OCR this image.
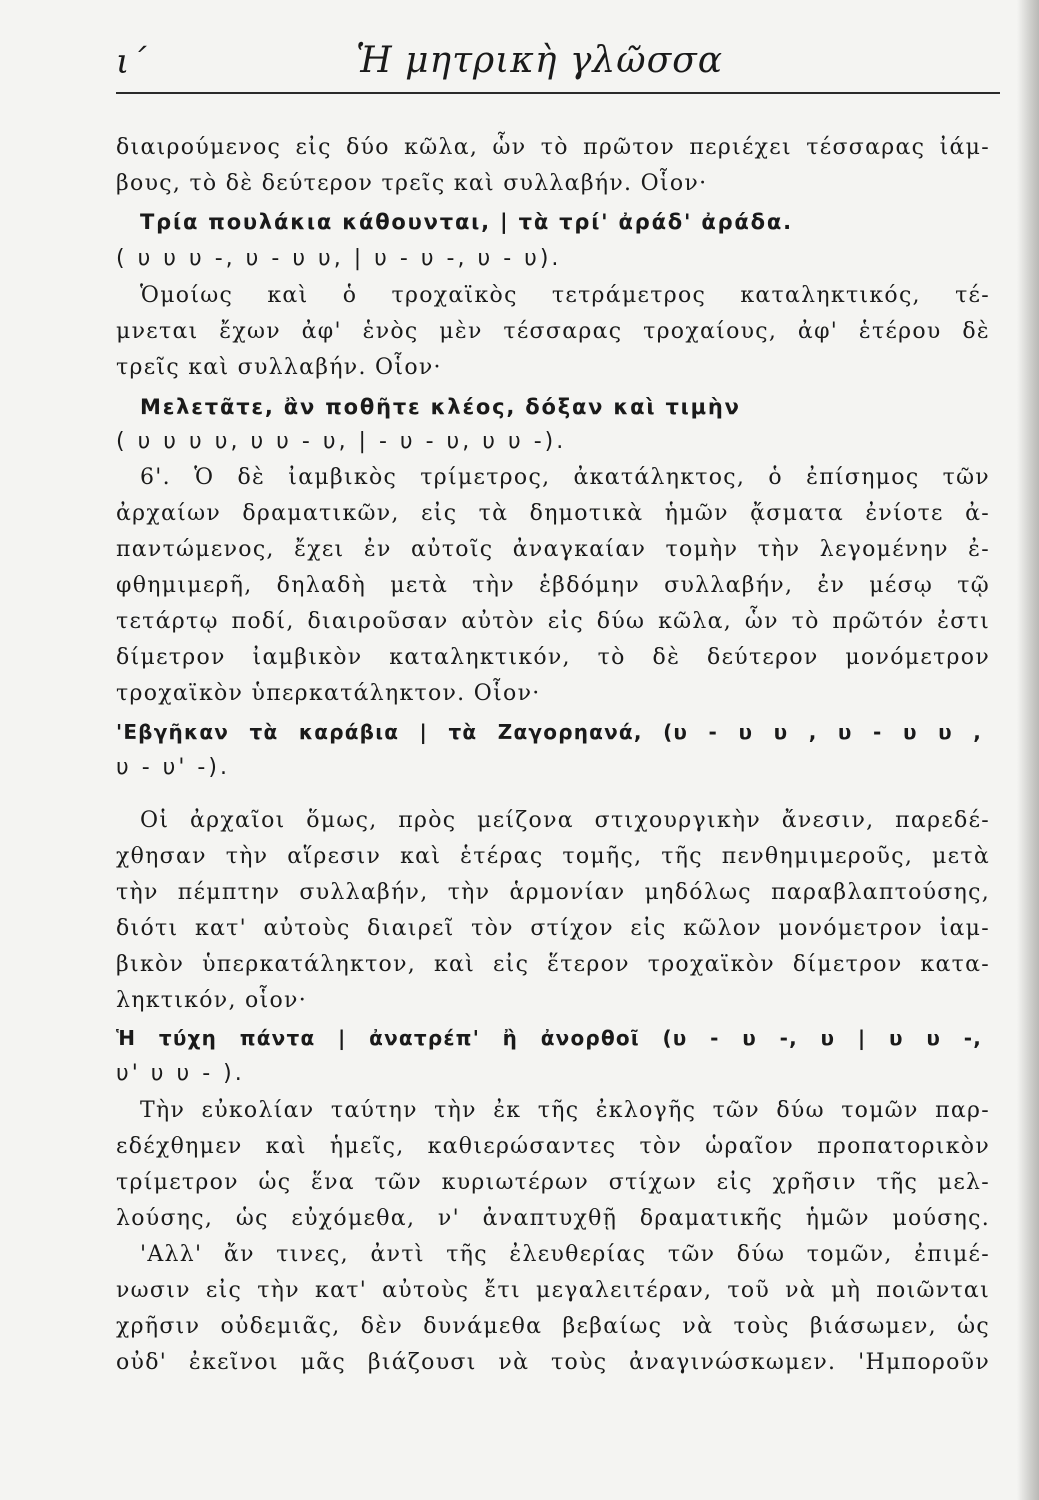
ι΄	Ἡ μητρικὴ γλῶσσα
διαιρούμενος εἰς δύο κῶλα, ὧν τὸ πρῶτον περιέχει τέσσαρας ἰάμ-
βους, τὸ δὲ δεύτερον τρεῖς καὶ συλλαβήν. Οἷον·
Τρία πουλάκια κάθουνται, | τὰ τρί' ἀράδ' ἀράδα.
( υ υ υ -, υ - υ υ, | υ - υ -, υ - υ).
Ὁμοίως καὶ ὁ τροχαϊκὸς τετράμετρος καταληκτικός, τέ-
μνεται ἔχων ἀφ' ἑνὸς μὲν τέσσαρας τροχαίους, ἀφ' ἑτέρου δὲ
τρεῖς καὶ συλλαβήν. Οἷον·
Μελετᾶτε, ἂν ποθῆτε κλέος, δόξαν καὶ τιμὴν
( υ υ υ υ, υ υ - υ, | - υ - υ, υ υ -).
6'. Ὁ δὲ ἰαμβικὸς τρίμετρος, ἀκατάληκτος, ὁ ἐπίσημος τῶν
ἀρχαίων δραματικῶν, εἰς τὰ δημοτικὰ ἡμῶν ᾄσματα ἐνίοτε ἀ-
παντώμενος, ἔχει ἐν αὐτοῖς ἀναγκαίαν τομὴν τὴν λεγομένην ἐ-
φθημιμερῆ, δηλαδὴ μετὰ τὴν ἑβδόμην συλλαβήν, ἐν μέσῳ τῷ
τετάρτῳ ποδί, διαιροῦσαν αὐτὸν εἰς δύω κῶλα, ὧν τὸ πρῶτόν ἐστι
δίμετρον ἰαμβικὸν καταληκτικόν, τὸ δὲ δεύτερον μονόμετρον
τροχαϊκὸν ὑπερκατάληκτον. Οἷον·
'Εβγῆκαν τὰ καράβια | τὰ Ζαγορηανά, (υ - υ υ , υ - υ υ ,
υ - υ' -).
Οἱ ἀρχαῖοι ὅμως, πρὸς μείζονα στιχουργικὴν ἄνεσιν, παρεδέ-
χθησαν τὴν αἵρεσιν καὶ ἑτέρας τομῆς, τῆς πενθημιμεροῦς, μετὰ
τὴν πέμπτην συλλαβήν, τὴν ἁρμονίαν μηδόλως παραβλαπτούσης,
διότι κατ' αὐτοὺς διαιρεῖ τὸν στίχον εἰς κῶλον μονόμετρον ἰαμ-
βικὸν ὑπερκατάληκτον, καὶ εἰς ἕτερον τροχαϊκὸν δίμετρον κατα-
ληκτικόν, οἷον·
Ἡ τύχη πάντα | ἀνατρέπ' ἢ ἀνορθοῖ (υ - υ -, υ | υ υ -,
υ' υ υ - ).
Τὴν εὐκολίαν ταύτην τὴν ἐκ τῆς ἐκλογῆς τῶν δύω τομῶν παρ-
εδέχθημεν καὶ ἡμεῖς, καθιερώσαντες τὸν ὡραῖον προπατορικὸν
τρίμετρον ὡς ἕνα τῶν κυριωτέρων στίχων εἰς χρῆσιν τῆς μελ-
λούσης, ὡς εὐχόμεθα, ν' ἀναπτυχθῇ δραματικῆς ἡμῶν μούσης.
'Αλλ' ἄν τινες, ἀντὶ τῆς ἐλευθερίας τῶν δύω τομῶν, ἐπιμέ-
νωσιν εἰς τὴν κατ' αὐτοὺς ἔτι μεγαλειτέραν, τοῦ νὰ μὴ ποιῶνται
χρῆσιν οὐδεμιᾶς, δὲν δυνάμεθα βεβαίως νὰ τοὺς βιάσωμεν, ὡς
οὐδ' ἐκεῖνοι μᾶς βιάζουσι νὰ τοὺς ἀναγινώσκωμεν. 'Ημποροῦν
